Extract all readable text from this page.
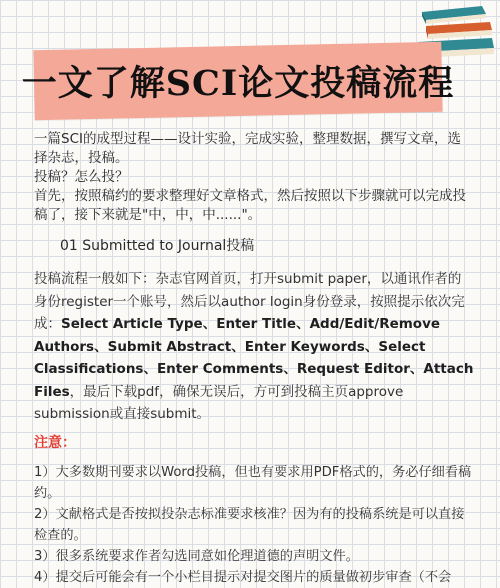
一文了解SCI论文投稿流程

一篇SCI的成型过程——设计实验，完成实验，整理数据，撰写文章，选择杂志，投稿。

投稿？怎么投？

首先，按照稿约的要求整理好文章格式，然后按照以下步骤就可以完成投稿了，接下来就是"中，中，中......"。

01 Submitted to Journal投稿
投稿流程一般如下：杂志官网首页，打开submit paper，以通讯作者的身份register一个账号，然后以author login身份登录，按照提示依次完成：Select Article Type、Enter Title、Add/Edit/Remove Authors、Submit Abstract、Enter Keywords、Select Classifications、Enter Comments、Request Editor、Attach Files，最后下载pdf，确保无误后，方可到投稿主页approve submission或直接submit。
注意：

1）大多数期刊要求以Word投稿，但也有要求用PDF格式的，务必仔细看稿约。

2）文献格式是否按拟投杂志标准要求核准？因为有的投稿系统是可以直接检查的。

3）很多系统要求作者勾选同意如伦理道德的声明文件。

4）提交后可能会有一个小栏目提示对提交图片的质量做初步审查（不会
